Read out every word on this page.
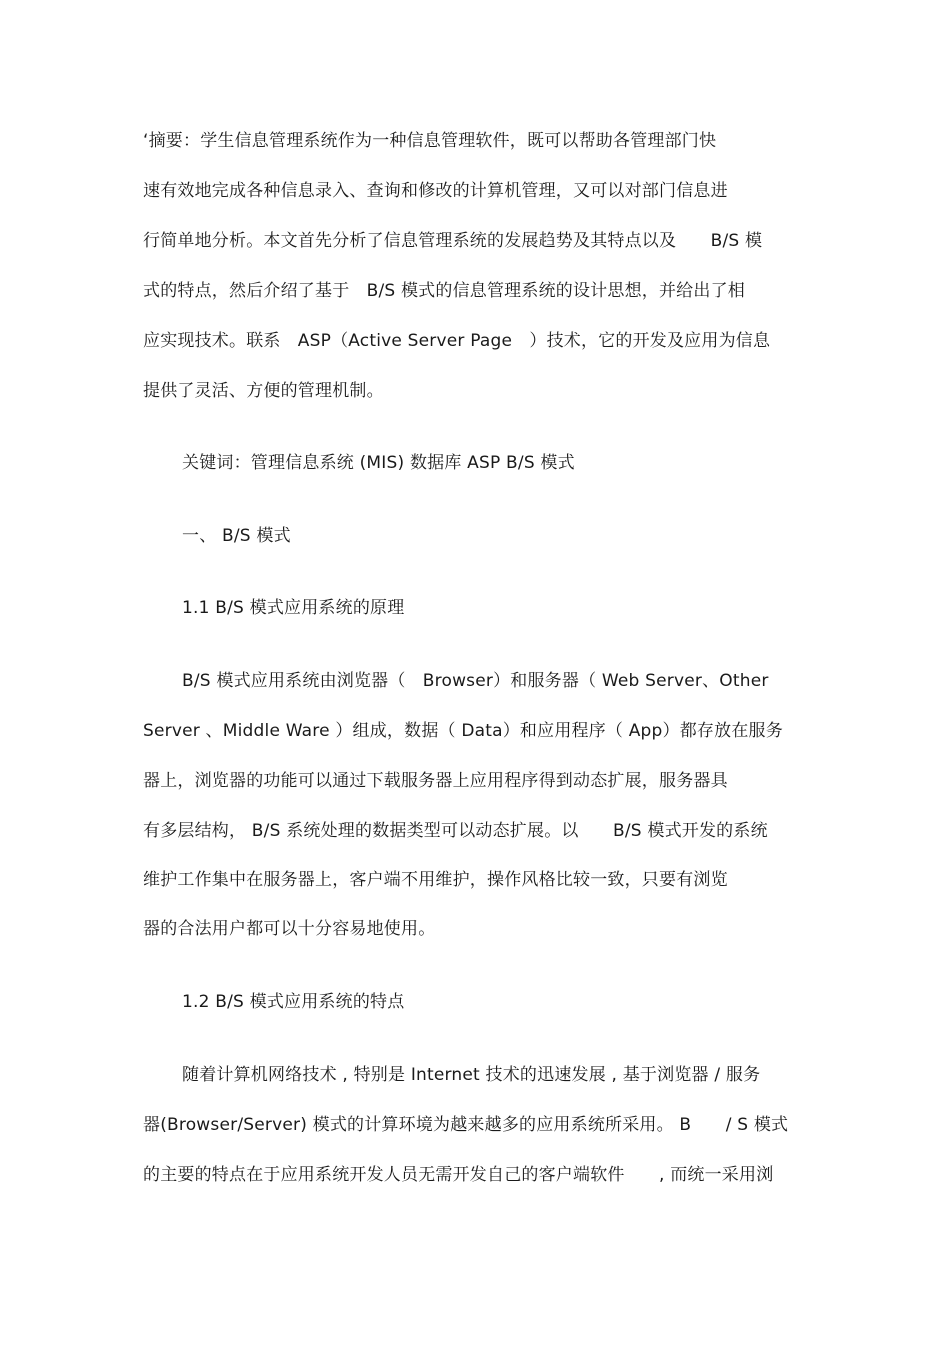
‘摘要：学生信息管理系统作为一种信息管理软件，既可以帮助各管理部门快
速有效地完成各种信息录入、查询和修改的计算机管理，又可以对部门信息进
行简单地分析。本文首先分析了信息管理系统的发展趋势及其特点以及　　B/S 模
式的特点，然后介绍了基于　B/S 模式的信息管理系统的设计思想，并给出了相
应实现技术。联系　ASP（Active Server Page　）技术，它的开发及应用为信息
提供了灵活、方便的管理机制。
关键词：管理信息系统 (MIS) 数据库 ASP B/S 模式
一、 B/S 模式
1.1 B/S 模式应用系统的原理
B/S 模式应用系统由浏览器（　Browser）和服务器（ Web Server、Other
Server 、Middle Ware ）组成，数据（ Data）和应用程序（ App）都存放在服务
器上，浏览器的功能可以通过下载服务器上应用程序得到动态扩展，服务器具
有多层结构， B/S 系统处理的数据类型可以动态扩展。以　　B/S 模式开发的系统
维护工作集中在服务器上，客户端不用维护，操作风格比较一致，只要有浏览
器的合法用户都可以十分容易地使用。
1.2 B/S 模式应用系统的特点
随着计算机网络技术 , 特别是 Internet 技术的迅速发展 , 基于浏览器 / 服务
器(Browser/Server) 模式的计算环境为越来越多的应用系统所采用。 B　　/ S 模式
的主要的特点在于应用系统开发人员无需开发自己的客户端软件　　, 而统一采用浏
